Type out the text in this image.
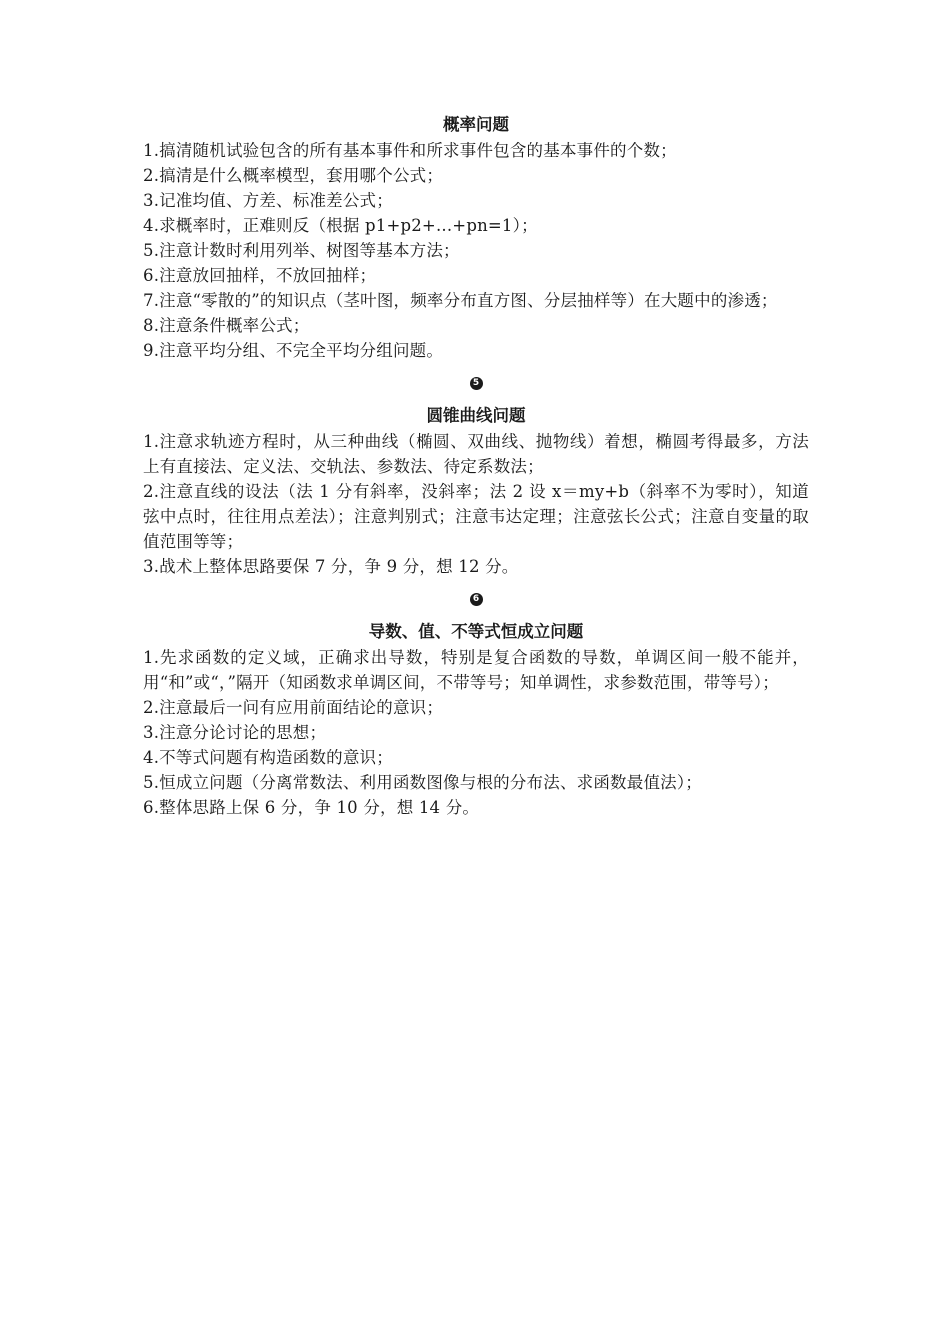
概率问题

1.搞清随机试验包含的所有基本事件和所求事件包含的基本事件的个数；

2.搞清是什么概率模型，套用哪个公式；

3.记准均值、方差、标准差公式；

4.求概率时，正难则反（根据 p1+p2+...+pn=1）；

5.注意计数时利用列举、树图等基本方法；

6.注意放回抽样，不放回抽样；

7.注意“零散的”的知识点（茎叶图，频率分布直方图、分层抽样等）在大题中的渗透；

8.注意条件概率公式；

9.注意平均分组、不完全平均分组问题。

5
圆锥曲线问题

1.注意求轨迹方程时，从三种曲线（椭圆、双曲线、抛物线）着想，椭圆考得最多，方法上有直接法、定义法、交轨法、参数法、待定系数法；

2.注意直线的设法（法 1 分有斜率，没斜率；法 2 设 x＝my+b（斜率不为零时），知道弦中点时，往往用点差法）；注意判别式；注意韦达定理；注意弦长公式；注意自变量的取值范围等等；

3.战术上整体思路要保 7 分，争 9 分，想 12 分。

6
导数、值、不等式恒成立问题

1.先求函数的定义域，正确求出导数，特别是复合函数的导数，单调区间一般不能并，用“和”或“，”隔开（知函数求单调区间，不带等号；知单调性，求参数范围，带等号）；

2.注意最后一问有应用前面结论的意识；

3.注意分论讨论的思想；

4.不等式问题有构造函数的意识；

5.恒成立问题（分离常数法、利用函数图像与根的分布法、求函数最值法）；

6.整体思路上保 6 分，争 10 分，想 14 分。
